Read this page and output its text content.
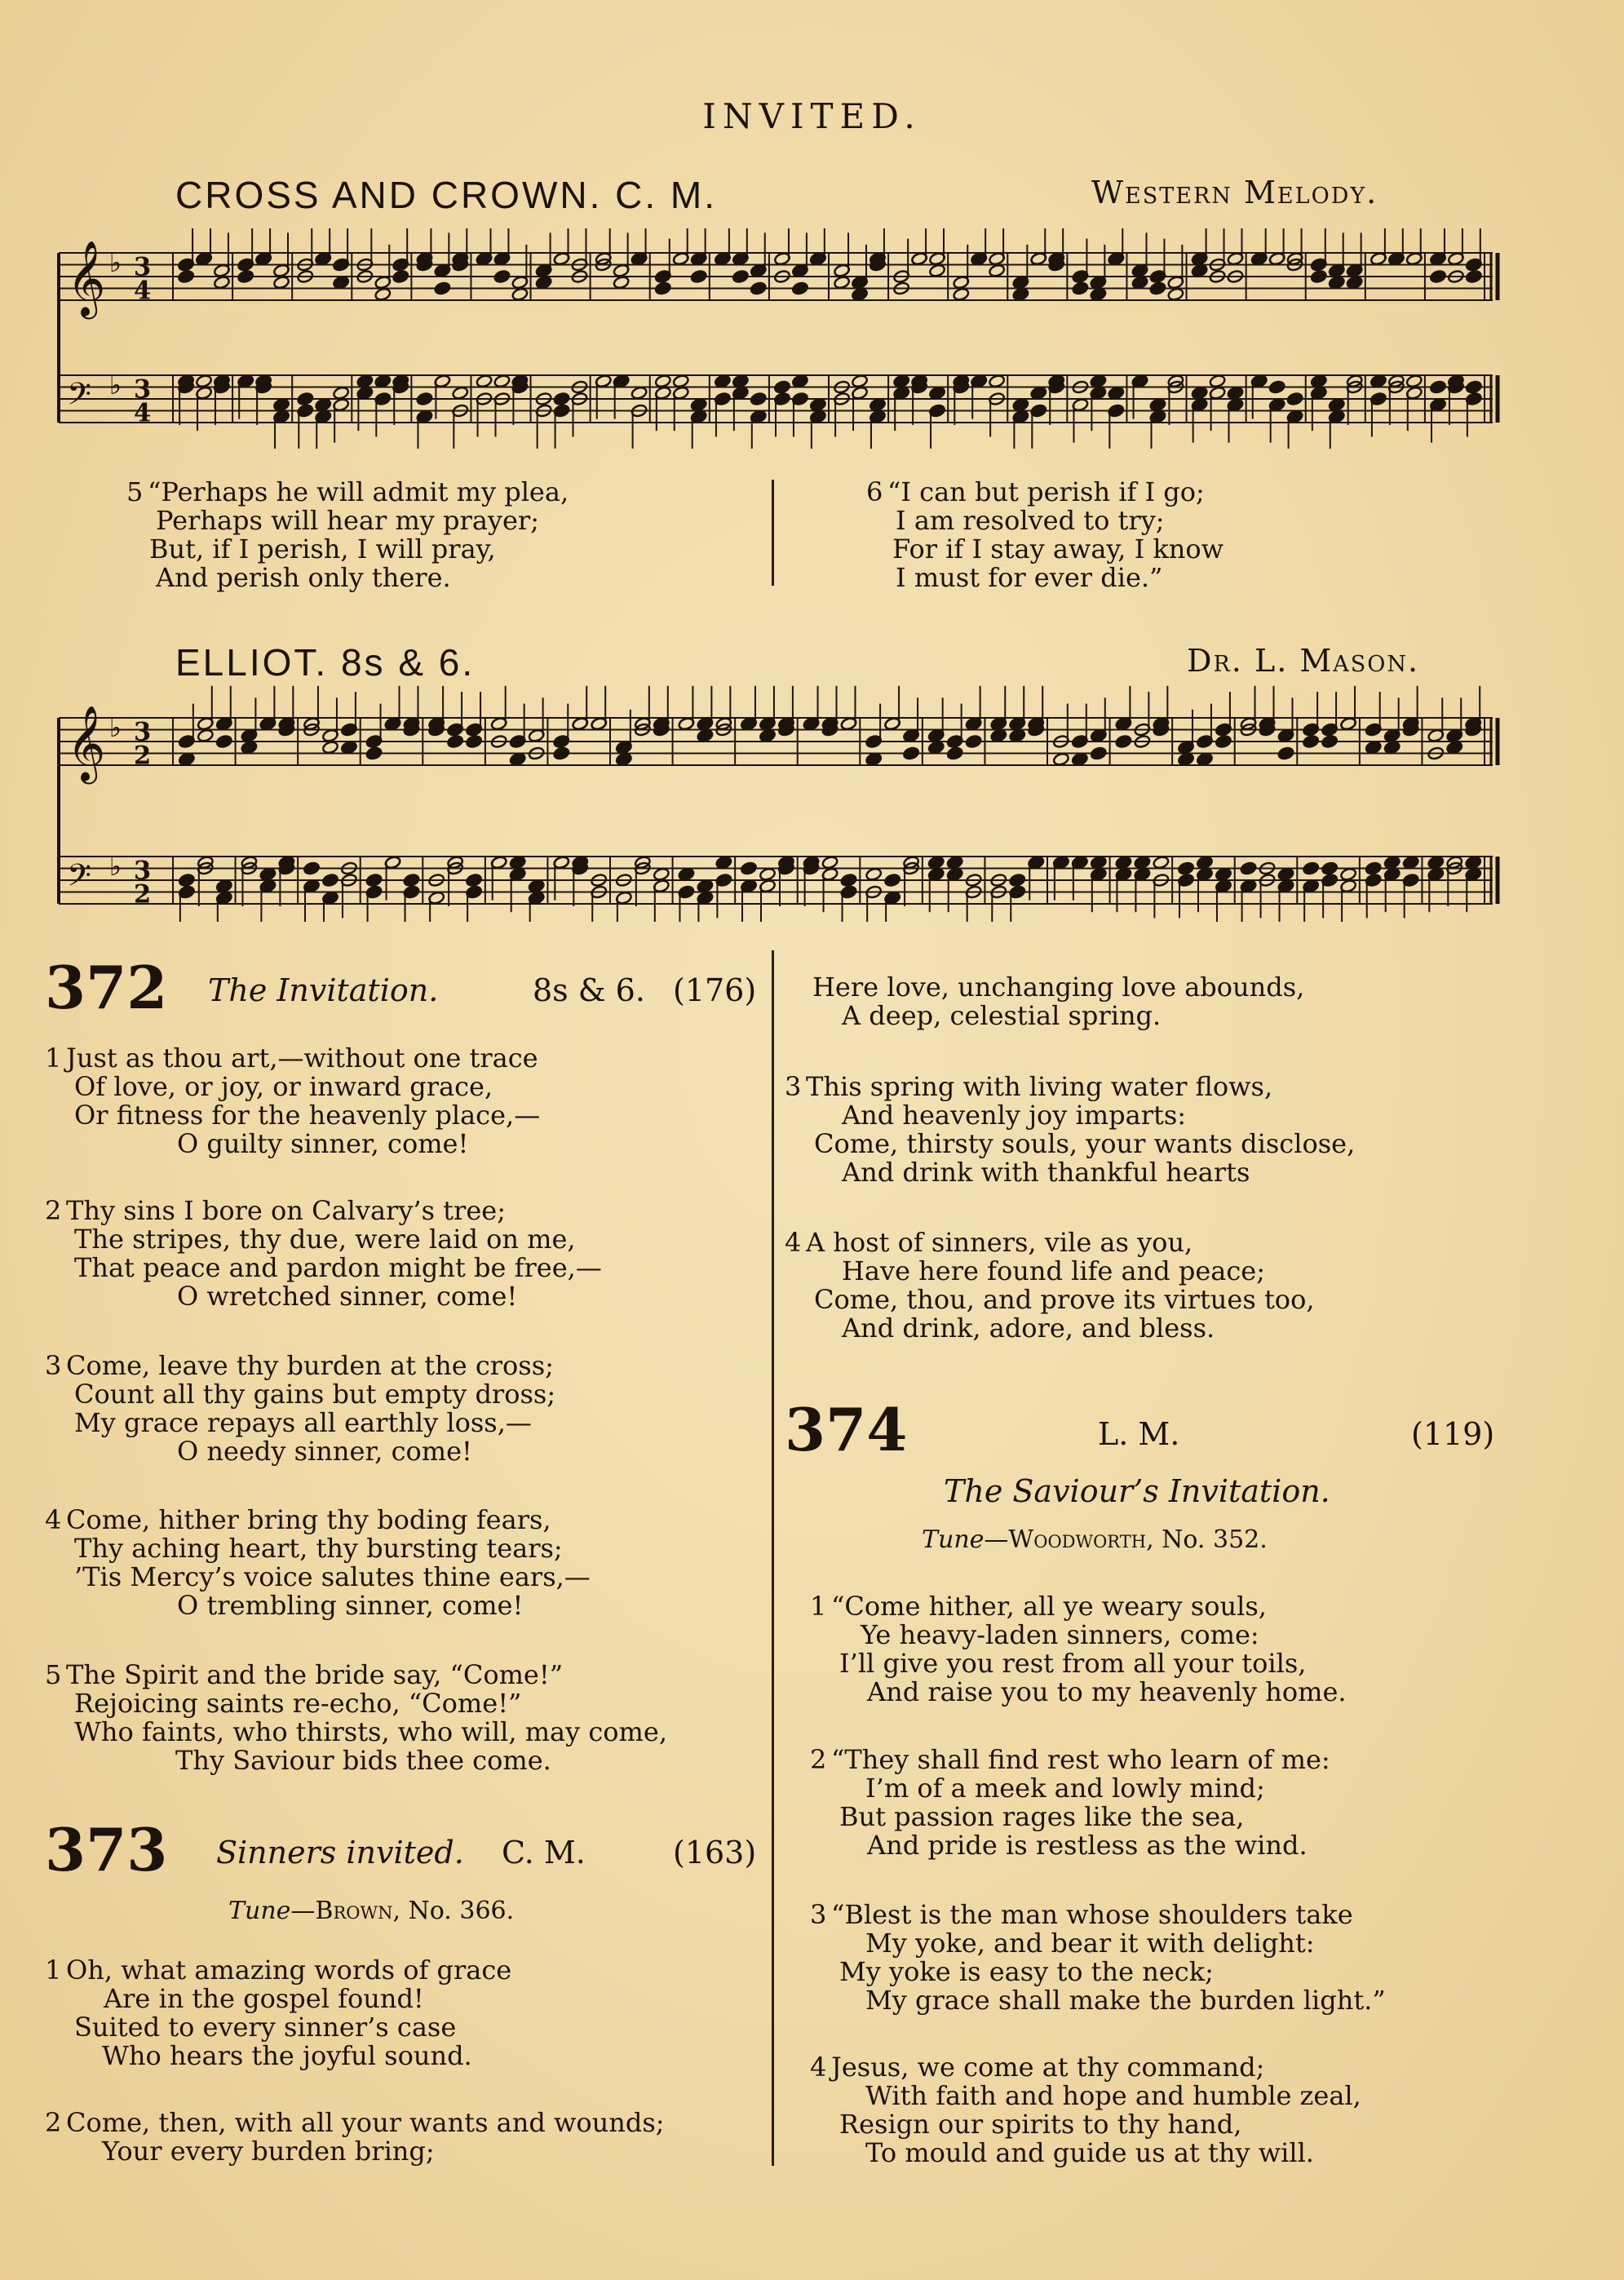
INVITED.
CROSS AND CROWN. C. M.	Western Melody.
𝄞 ♭ 3
4
𝄢 ♭ 3
4
5 “Perhaps he will admit my plea,
Perhaps will hear my prayer;
But, if I perish, I will pray,
And perish only there.
6 “I can but perish if I go;
I am resolved to try;
For if I stay away, I know
I must for ever die.”
ELLIOT. 8s & 6.	Dr. L. Mason.
𝄞 ♭ 3
2
𝄢 ♭ 3
2
372 The Invitation.	8s & 6. (176)
1 Just as thou art,—without one trace
Of love, or joy, or inward grace,
Or fitness for the heavenly place,—
O guilty sinner, come!
2 Thy sins I bore on Calvary’s tree;
The stripes, thy due, were laid on me,
That peace and pardon might be free,—
O wretched sinner, come!
3 Come, leave thy burden at the cross;
Count all thy gains but empty dross;
My grace repays all earthly loss,—
O needy sinner, come!
4 Come, hither bring thy boding fears,
Thy aching heart, thy bursting tears;
’Tis Mercy’s voice salutes thine ears,—
O trembling sinner, come!
5 The Spirit and the bride say, “Come!”
Rejoicing saints re-echo, “Come!”
Who faints, who thirsts, who will, may come,
Thy Saviour bids thee come.
373 Sinners invited. C. M.	(163)
Tune—Brown, No. 366.
1 Oh, what amazing words of grace
Are in the gospel found!
Suited to every sinner’s case
Who hears the joyful sound.
2 Come, then, with all your wants and wounds;
Your every burden bring;
Here love, unchanging love abounds,
A deep, celestial spring.
3 This spring with living water flows,
And heavenly joy imparts:
Come, thirsty souls, your wants disclose,
And drink with thankful hearts
4 A host of sinners, vile as you,
Have here found life and peace;
Come, thou, and prove its virtues too,
And drink, adore, and bless.
374	L. M.	(119)
The Saviour’s Invitation.
Tune—Woodworth, No. 352.
1 “Come hither, all ye weary souls,
Ye heavy-laden sinners, come:
I’ll give you rest from all your toils,
And raise you to my heavenly home.
2 “They shall find rest who learn of me:
I’m of a meek and lowly mind;
But passion rages like the sea,
And pride is restless as the wind.
3 “Blest is the man whose shoulders take
My yoke, and bear it with delight:
My yoke is easy to the neck;
My grace shall make the burden light.”
4 Jesus, we come at thy command;
With faith and hope and humble zeal,
Resign our spirits to thy hand,
To mould and guide us at thy will.
